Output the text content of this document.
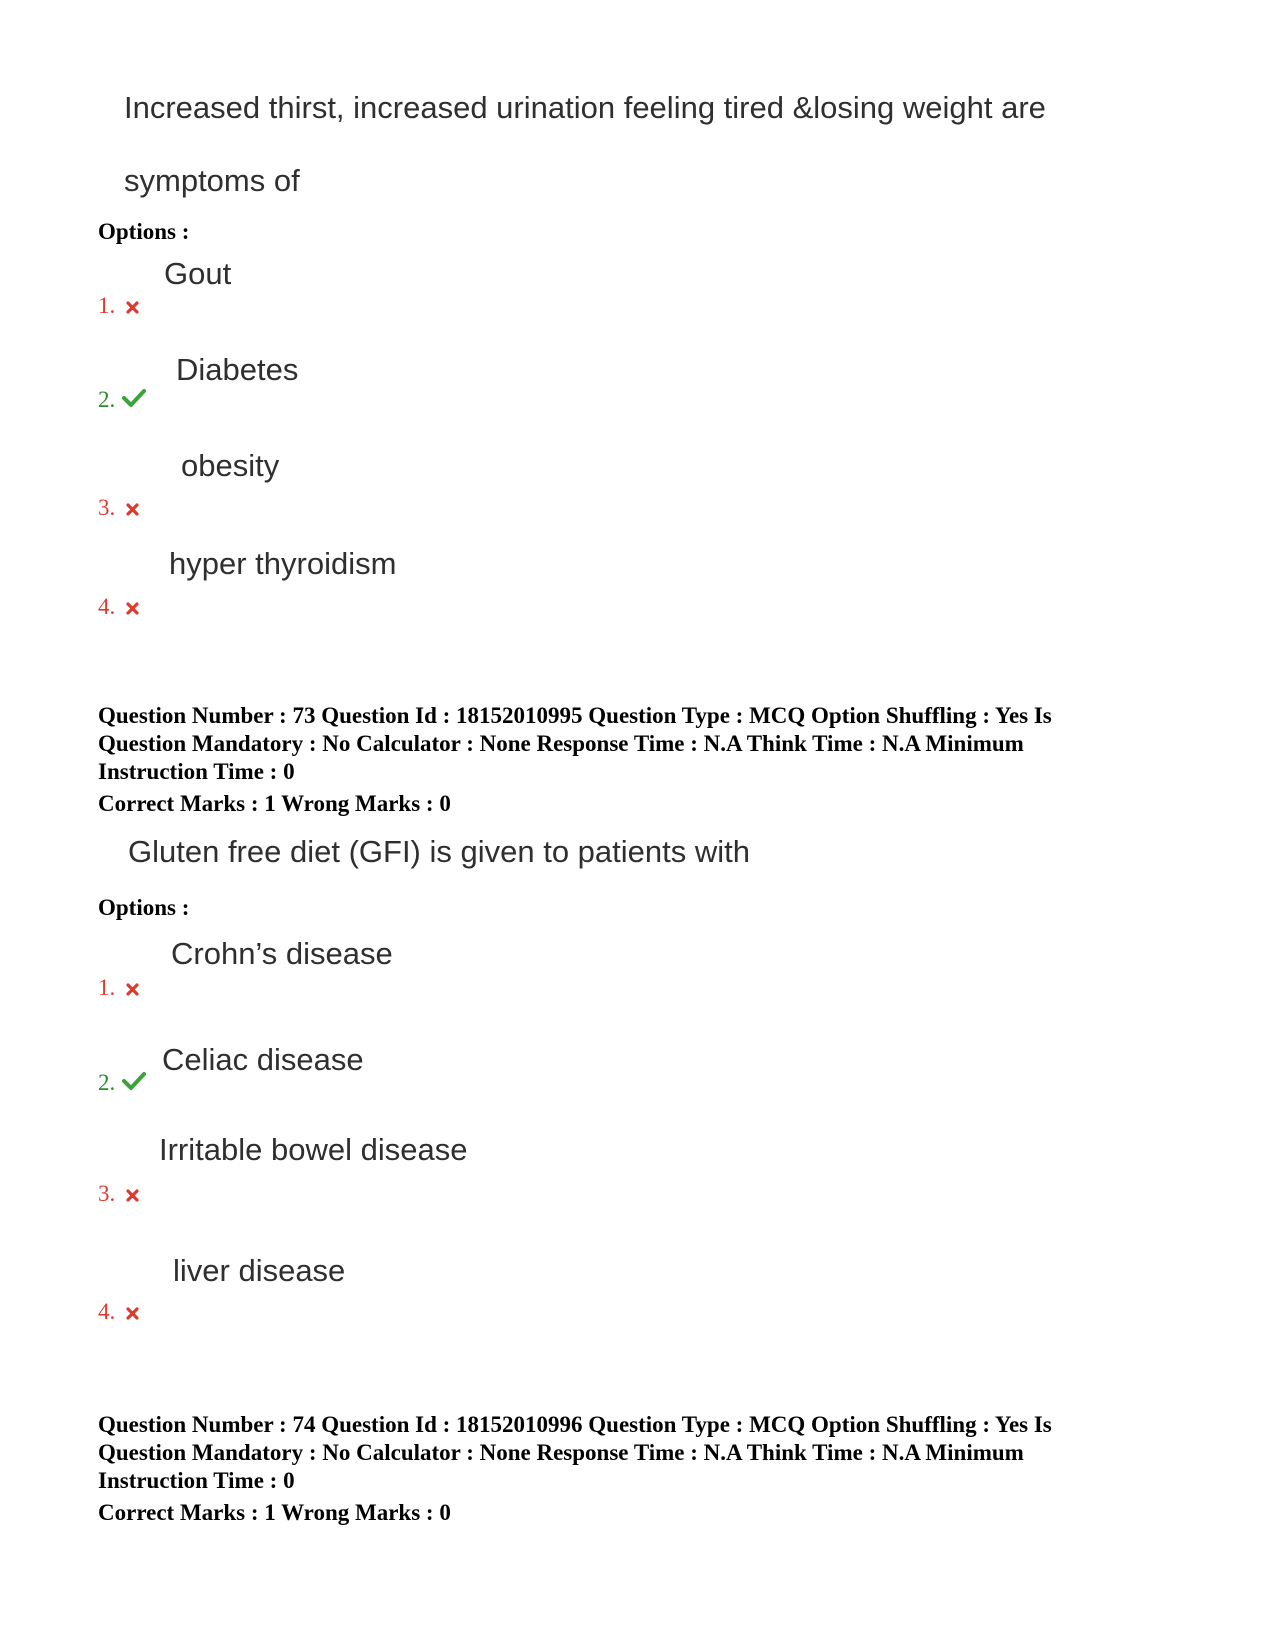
Increased thirst, increased urination feeling tired &losing weight are
symptoms of
Options :
Gout
1.
Diabetes
2.
obesity
3.
hyper thyroidism
4.
Question Number : 73 Question Id : 18152010995 Question Type : MCQ Option Shuffling : Yes Is
Question Mandatory : No Calculator : None Response Time : N.A Think Time : N.A Minimum
Instruction Time : 0
Correct Marks : 1 Wrong Marks : 0
Gluten free diet (GFI) is given to patients with
Options :
Crohn’s disease
1.
Celiac disease
2.
Irritable bowel disease
3.
liver disease
4.
Question Number : 74 Question Id : 18152010996 Question Type : MCQ Option Shuffling : Yes Is
Question Mandatory : No Calculator : None Response Time : N.A Think Time : N.A Minimum
Instruction Time : 0
Correct Marks : 1 Wrong Marks : 0
